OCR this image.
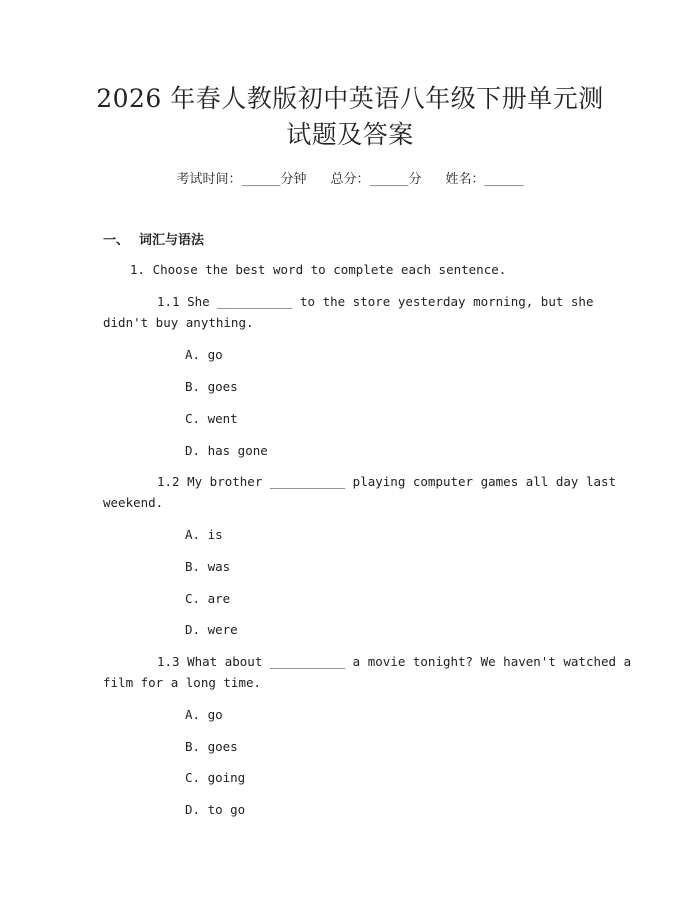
2026 年春人教版初中英语八年级下册单元测
试题及答案
考试时间：______分钟 总分：______分 姓名：______
一、 词汇与语法
1. Choose the best word to complete each sentence.
1.1 She __________ to the store yesterday morning, but she
didn't buy anything.
A. go
B. goes
C. went
D. has gone
1.2 My brother __________ playing computer games all day last
weekend.
A. is
B. was
C. are
D. were
1.3 What about __________ a movie tonight? We haven't watched a
film for a long time.
A. go
B. goes
C. going
D. to go
